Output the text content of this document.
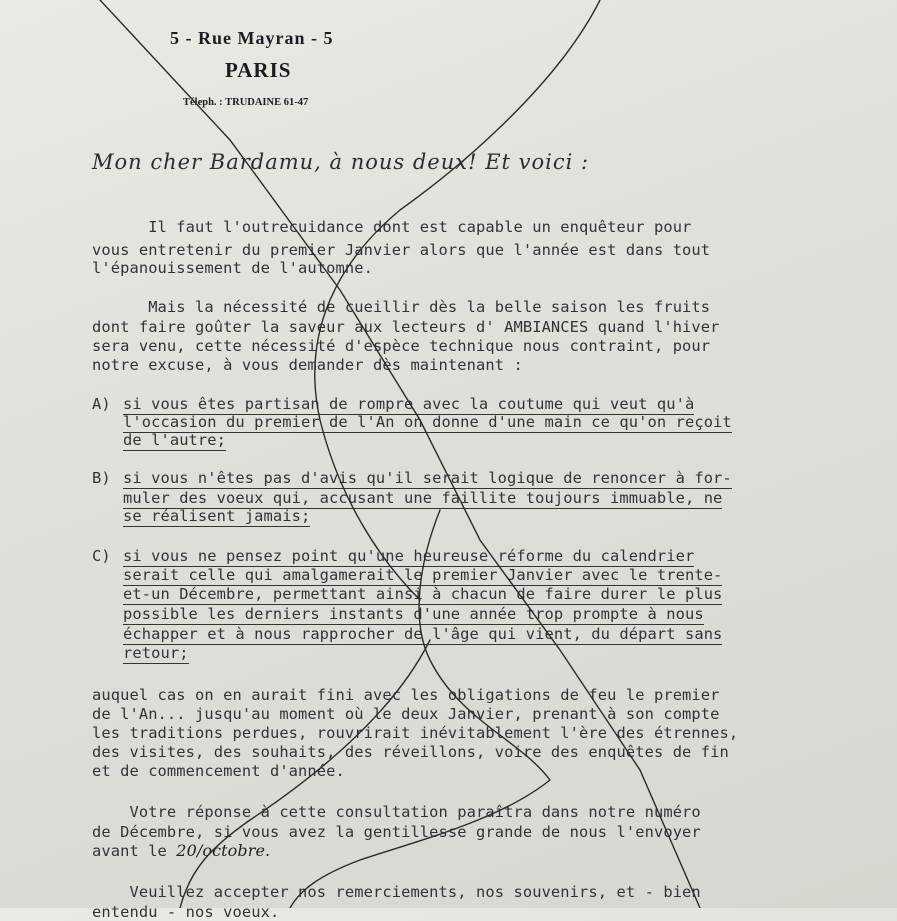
5 - Rue Mayran - 5
PARIS
Téleph. : TRUDAINE 61-47
Mon cher Bardamu, à nous deux! Et voici :
Il faut l'outrecuidance dont est capable un enquêteur pour
vous entretenir du premier Janvier alors que l'année est dans tout
l'épanouissement de l'automne.
Mais la nécessité de cueillir dès la belle saison les fruits
dont faire goûter la saveur aux lecteurs d' AMBIANCES quand l'hiver
sera venu, cette nécessité d'espèce technique nous contraint, pour
notre excuse, à vous demander dès maintenant :
A) si vous êtes partisan de rompre avec la coutume qui veut qu'à
l'occasion du premier de l'An on donne d'une main ce qu'on reçoit
de l'autre;
B) si vous n'êtes pas d'avis qu'il serait logique de renoncer à for-
muler des voeux qui, accusant une faillite toujours immuable, ne
se réalisent jamais;
C) si vous ne pensez point qu'une heureuse réforme du calendrier
serait celle qui amalgamerait le premier Janvier avec le trente-
et-un Décembre, permettant ainsi à chacun de faire durer le plus
possible les derniers instants d'une année trop prompte à nous
échapper et à nous rapprocher de l'âge qui vient, du départ sans
retour;
auquel cas on en aurait fini avec les obligations de feu le premier
de l'An... jusqu'au moment où le deux Janvier, prenant à son compte
les traditions perdues, rouvrirait inévitablement l'ère des étrennes,
des visites, des souhaits, des réveillons, voire des enquêtes de fin
et de commencement d'année.
Votre réponse à cette consultation paraîtra dans notre numéro
de Décembre, si vous avez la gentillesse grande de nous l'envoyer
avant le 20/octobre.
Veuillez accepter nos remerciements, nos souvenirs, et - bien
entendu - nos voeux.
